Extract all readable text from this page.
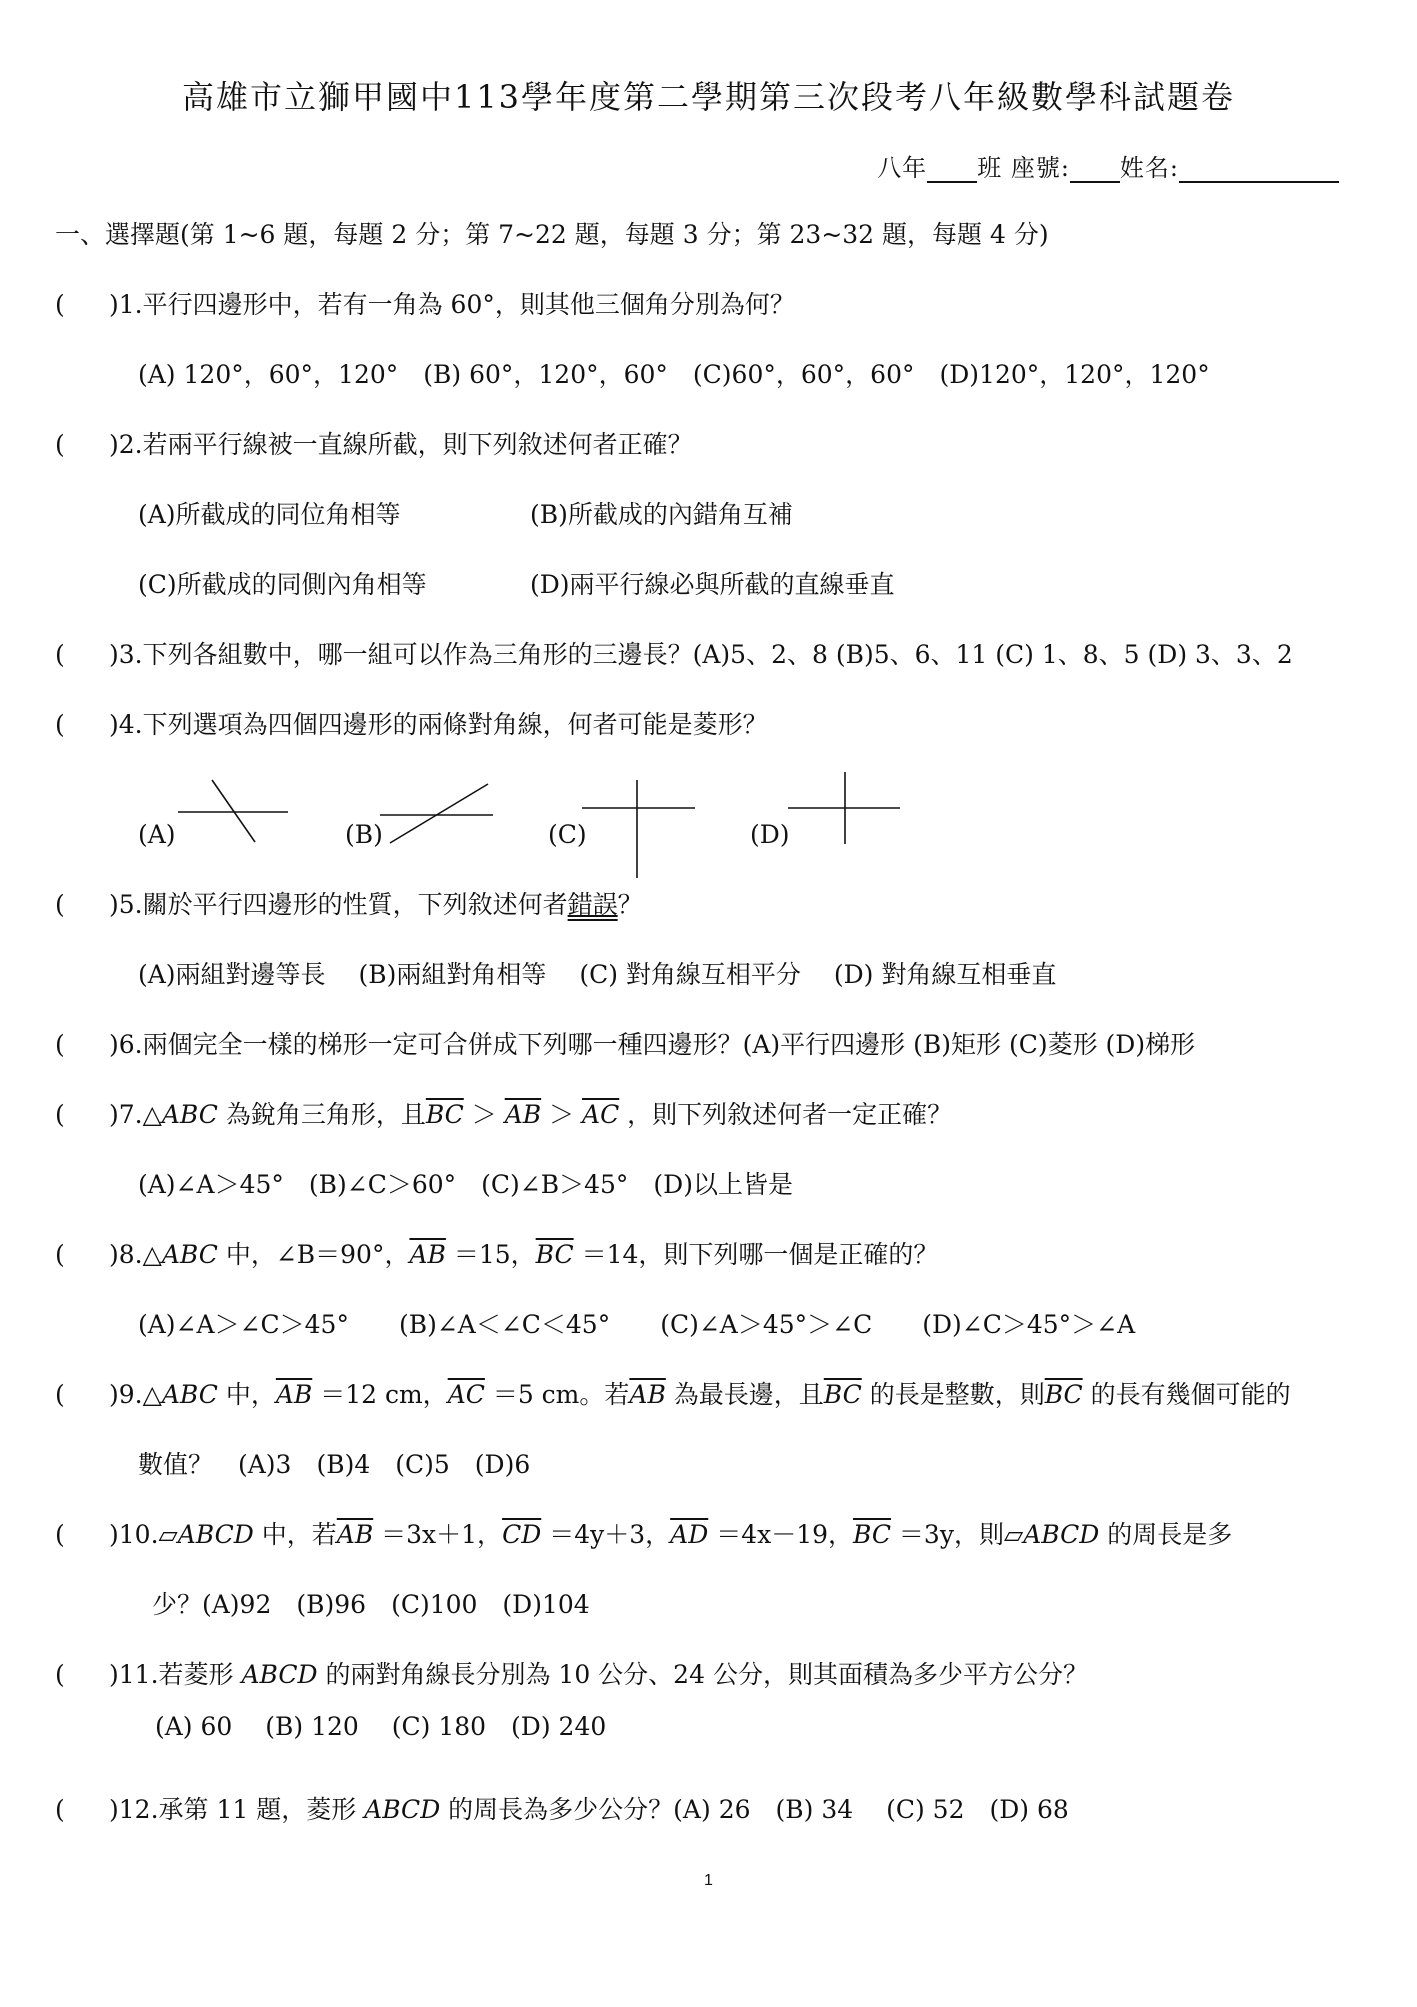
高雄市立獅甲國中113學年度第二學期第三次段考八年級數學科試題卷
八年 班 座號: 姓名:
一、選擇題(第 1~6 題，每題 2 分；第 7~22 題，每題 3 分；第 23~32 題，每題 4 分)
( )1.平行四邊形中，若有一角為 60°，則其他三個角分別為何？
(A) 120°，60°，120°　(B) 60°，120°，60°　(C)60°，60°，60°　(D)120°，120°，120°
( )2.若兩平行線被一直線所截，則下列敘述何者正確？
(A)所截成的同位角相等	(B)所截成的內錯角互補
(C)所截成的同側內角相等	(D)兩平行線必與所截的直線垂直
( )3.下列各組數中，哪一組可以作為三角形的三邊長？(A)5、2、8 (B)5、6、11 (C) 1、8、5 (D) 3、3、2
( )4.下列選項為四個四邊形的兩條對角線，何者可能是菱形？
(A)	(B)	(C)	(D)
( )5.關於平行四邊形的性質，下列敘述何者錯誤？
(A)兩組對邊等長　 (B)兩組對角相等　 (C) 對角線互相平分　 (D) 對角線互相垂直
( )6.兩個完全一樣的梯形一定可合併成下列哪一種四邊形？(A)平行四邊形 (B)矩形 (C)菱形 (D)梯形
( )7.△ABC 為銳角三角形，且$\overline{BC} > \overline{AB} > \overline{AC}$ ，則下列敘述何者一定正確？
(A)∠A＞45°　(B)∠C＞60°　(C)∠B＞45°　(D)以上皆是
( )8.△ABC 中，∠B＝90°，$\overline{AB} =15$，$\overline{BC} =14$，則下列哪一個是正確的？
(A)∠A＞∠C＞45°　　(B)∠A＜∠C＜45°　　(C)∠A＞45°＞∠C　　(D)∠C＞45°＞∠A
( )9.△ABC 中，$\overline{AB} =12$ cm，$\overline{AC} =5$ cm。若$\overline{AB}$ 為最長邊，且$\overline{BC}$ 的長是整數，則$\overline{BC}$ 的長有幾個可能的
數值？　(A)3　(B)4　(C)5　(D)6
( )10.▱ABCD 中，若$\overline{AB} =3x+1$，$\overline{CD} =4y+3$，$\overline{AD} =4x-19$，$\overline{BC} =3y$，則▱ABCD 的周長是多
少？(A)92　(B)96　(C)100　(D)104
( )11.若菱形 ABCD 的兩對角線長分別為 10 公分、24 公分，則其面積為多少平方公分？
(A) 60　 (B) 120　 (C) 180　(D) 240
( )12.承第 11 題，菱形 ABCD 的周長為多少公分？(A) 26　(B) 34　 (C) 52　(D) 68
1
